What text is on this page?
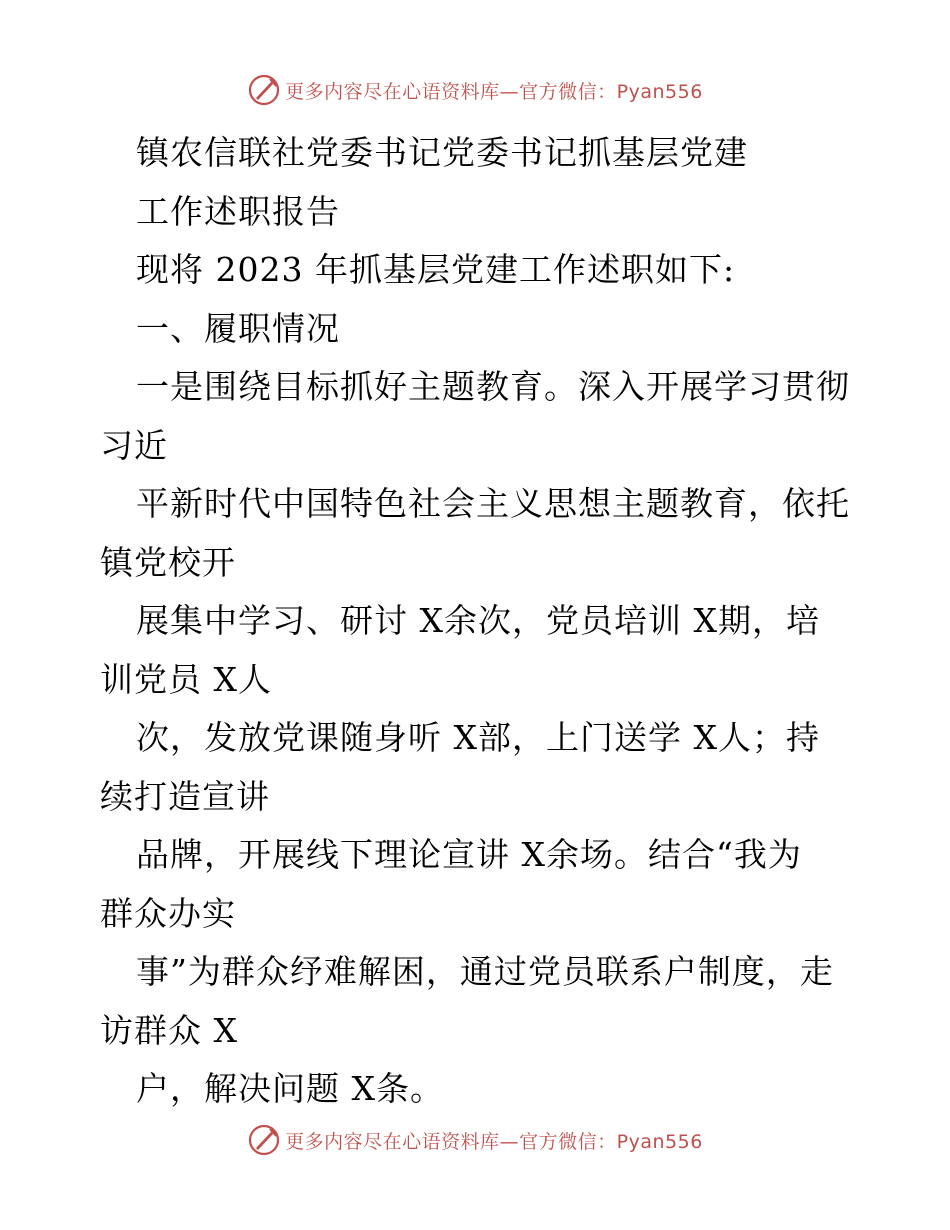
更多内容尽在心语资料库—官方微信：Pyan556
镇农信联社党委书记党委书记抓基层党建
工作述职报告
现将 2023 年抓基层党建工作述职如下:
一、履职情况
一是围绕目标抓好主题教育。深入开展学习贯彻
习近
平新时代中国特色社会主义思想主题教育，依托
镇党校开
展集中学习、研讨 X余次，党员培训 X期，培
训党员 X人
次，发放党课随身听 X部，上门送学 X人；持
续打造宣讲
品牌，开展线下理论宣讲 X余场。结合“我为
群众办实
事”为群众纾难解困，通过党员联系户制度，走
访群众 X
户，解决问题 X条。
更多内容尽在心语资料库—官方微信：Pyan556
